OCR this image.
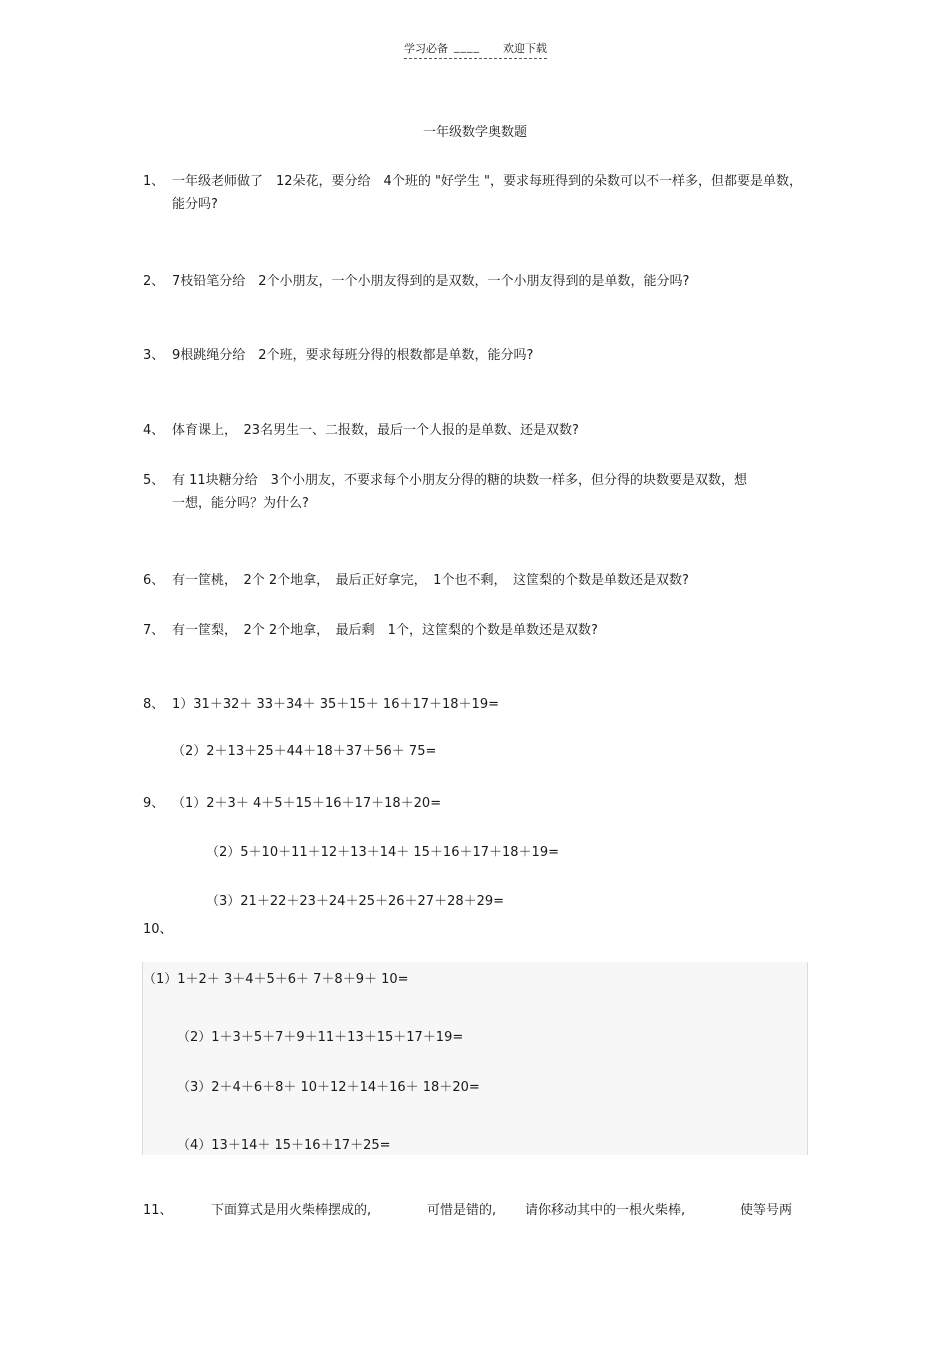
学习必备 ____ 欢迎下载
一年级数学奥数题
1、 一年级老师做了　12朵花，要分给　4个班的 "好学生 "，要求每班得到的朵数可以不一样多，但都要是单数，能分吗?
2、 7枝铅笔分给　2个小朋友，一个小朋友得到的是双数，一个小朋友得到的是单数，能分吗?
3、 9根跳绳分给　2个班，要求每班分得的根数都是单数，能分吗?
4、 体育课上，　23名男生一、二报数，最后一个人报的是单数、还是双数?
5、 有 11块糖分给　3个小朋友，不要求每个小朋友分得的糖的块数一样多，但分得的块数要是双数，想一想，能分吗？为什么?
6、 有一筐桃，　2个 2个地拿，　最后正好拿完，　1个也不剩，　这筐梨的个数是单数还是双数?
7、 有一筐梨，　2个 2个地拿，　最后剩　1个，这筐梨的个数是单数还是双数?
8、 1）31＋32＋ 33＋34＋ 35＋15＋ 16＋17＋18＋19=
（2）2＋13＋25＋44＋18＋37＋56＋ 75=
9、 （1）2＋3＋ 4＋5＋15＋16＋17＋18＋20=
（2）5＋10＋11＋12＋13＋14＋ 15＋16＋17＋18＋19=
（3）21＋22＋23＋24＋25＋26＋27＋28＋29=
10、
（1）1＋2＋ 3＋4＋5＋6＋ 7＋8＋9＋ 10=
（2）1＋3＋5＋7＋9＋11＋13＋15＋17＋19=
（3）2＋4＋6＋8＋ 10＋12＋14＋16＋ 18＋20=
（4）13＋14＋ 15＋16＋17＋25=
11、	下面算式是用火柴棒摆成的,	可惜是错的, 请你移动其中的一根火柴棒,	使等号两
